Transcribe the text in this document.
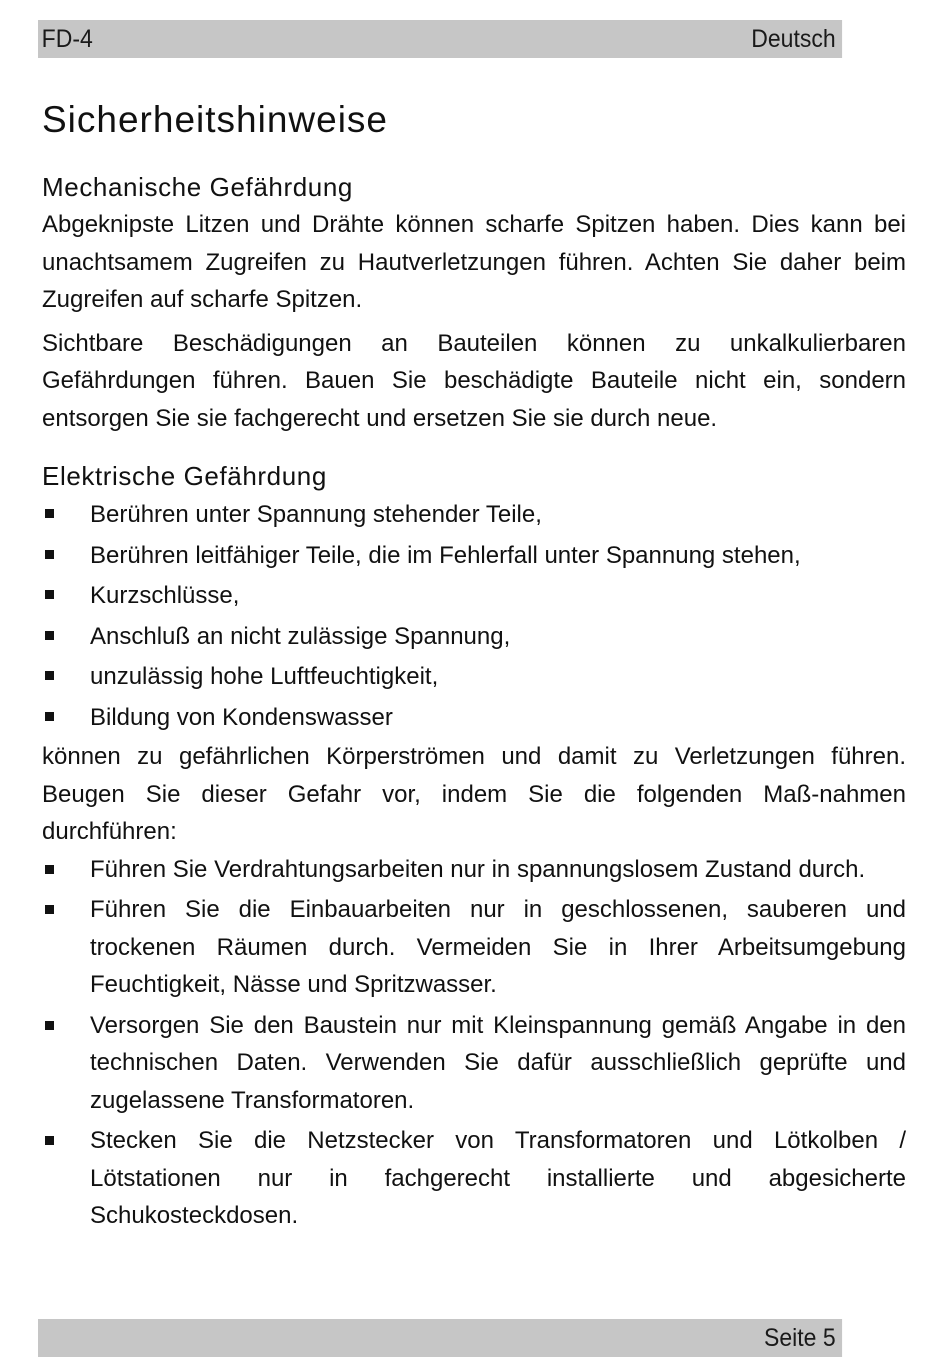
FD-4	Deutsch
Sicherheitshinweise
Mechanische Gefährdung

Abgeknipste Litzen und Drähte können scharfe Spitzen haben. Dies kann bei unachtsamem Zugreifen zu Hautverletzungen führen. Achten Sie daher beim Zugreifen auf scharfe Spitzen.

Sichtbare Beschädigungen an Bauteilen können zu unkalkulierbaren Gefährdungen führen. Bauen Sie beschädigte Bauteile nicht ein, sondern entsorgen Sie sie fachgerecht und ersetzen Sie sie durch neue.

Elektrische Gefährdung
Berühren unter Spannung stehender Teile,
Berühren leitfähiger Teile, die im Fehlerfall unter Spannung stehen,
Kurzschlüsse,
Anschluß an nicht zulässige Spannung,
unzulässig hohe Luftfeuchtigkeit,
Bildung von Kondenswasser

können zu gefährlichen Körperströmen und damit zu Verletzungen führen. Beugen Sie dieser Gefahr vor, indem Sie die folgenden Maß-nahmen durchführen:

Führen Sie Verdrahtungsarbeiten nur in spannungslosem Zustand durch.
Führen Sie die Einbauarbeiten nur in geschlossenen, sauberen und trockenen Räumen durch. Vermeiden Sie in Ihrer Arbeitsumgebung Feuchtigkeit, Nässe und Spritzwasser.
Versorgen Sie den Baustein nur mit Kleinspannung gemäß Angabe in den technischen Daten. Verwenden Sie dafür ausschließlich geprüfte und zugelassene Transformatoren.
Stecken Sie die Netzstecker von Transformatoren und Lötkolben / Lötstationen nur in fachgerecht installierte und abgesicherte Schukosteckdosen.
Seite 5
